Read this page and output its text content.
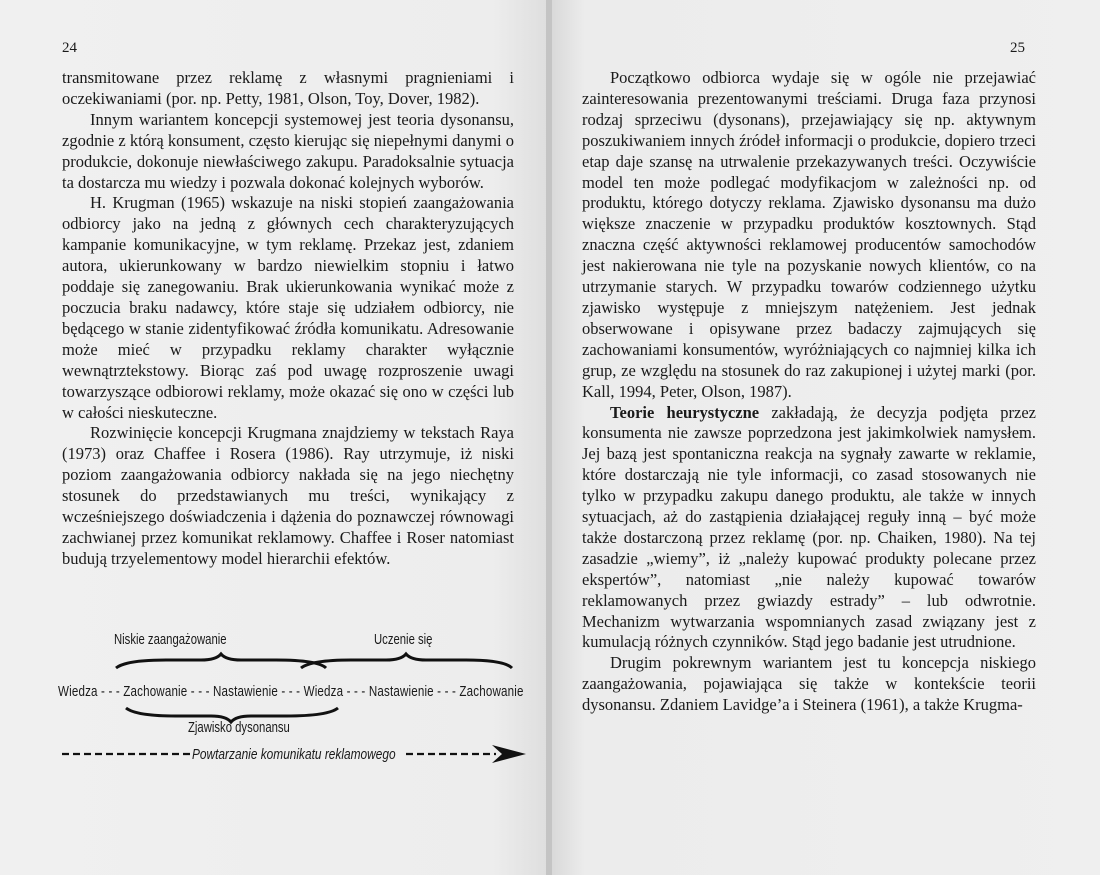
24

transmitowane przez reklamę z własnymi pragnieniami i oczekiwaniami (por. np. Petty, 1981, Olson, Toy, Dover, 1982).

Innym wariantem koncepcji systemowej jest teoria dysonansu, zgodnie z którą konsument, często kierując się niepełnymi danymi o produkcie, dokonuje niewłaściwego zakupu. Paradoksalnie sytuacja ta dostarcza mu wiedzy i pozwala dokonać kolejnych wyborów.

H. Krugman (1965) wskazuje na niski stopień zaangażowania odbiorcy jako na jedną z głównych cech charakteryzujących kampanie komunikacyjne, w tym reklamę. Przekaz jest, zdaniem autora, ukierunkowany w bardzo niewielkim stopniu i łatwo poddaje się zanegowaniu. Brak ukierunkowania wynikać może z poczucia braku nadawcy, które staje się udziałem odbiorcy, nie będącego w stanie zidentyfikować źródła komunikatu. Adresowanie może mieć w przypadku reklamy charakter wyłącznie wewnątrztekstowy. Biorąc zaś pod uwagę rozproszenie uwagi towarzyszące odbiorowi reklamy, może okazać się ono w części lub w całości nieskuteczne.

Rozwinięcie koncepcji Krugmana znajdziemy w tekstach Raya (1973) oraz Chaffee i Rosera (1986). Ray utrzymuje, iż niski poziom zaangażowania odbiorcy nakłada się na jego niechętny stosunek do przedstawianych mu treści, wynikający z wcześniejszego doświadczenia i dążenia do poznawczej równowagi zachwianej przez komunikat reklamowy. Chaffee i Roser natomiast budują trzyelementowy model hierarchii efektów.

Niskie zaangażowanie	Uczenie się
Wiedza - - - Zachowanie - - - Nastawienie - - - Wiedza - - - Nastawienie - - - Zachowanie
Zjawisko dysonansu
Powtarzanie komunikatu reklamowego
25

Początkowo odbiorca wydaje się w ogóle nie przejawiać zainteresowania prezentowanymi treściami. Druga faza przynosi rodzaj sprzeciwu (dysonans), przejawiający się np. aktywnym poszukiwaniem innych źródeł informacji o produkcie, dopiero trzeci etap daje szansę na utrwalenie przekazywanych treści. Oczywiście model ten może podlegać modyfikacjom w zależności np. od produktu, którego dotyczy reklama. Zjawisko dysonansu ma dużo większe znaczenie w przypadku produktów kosztownych. Stąd znaczna część aktywności reklamowej producentów samochodów jest nakierowana nie tyle na pozyskanie nowych klientów, co na utrzymanie starych. W przypadku towarów codziennego użytku zjawisko występuje z mniejszym natężeniem. Jest jednak obserwowane i opisywane przez badaczy zajmujących się zachowaniami konsumentów, wyróżniających co najmniej kilka ich grup, ze względu na stosunek do raz zakupionej i użytej marki (por. Kall, 1994, Peter, Olson, 1987).

Teorie heurystyczne zakładają, że decyzja podjęta przez konsumenta nie zawsze poprzedzona jest jakimkolwiek namysłem. Jej bazą jest spontaniczna reakcja na sygnały zawarte w reklamie, które dostarczają nie tyle informacji, co zasad stosowanych nie tylko w przypadku zakupu danego produktu, ale także w innych sytuacjach, aż do zastąpienia działającej reguły inną – być może także dostarczoną przez reklamę (por. np. Chaiken, 1980). Na tej zasadzie „wiemy”, iż „należy kupować produkty polecane przez ekspertów”, natomiast „nie należy kupować towarów reklamowanych przez gwiazdy estrady” – lub odwrotnie. Mechanizm wytwarzania wspomnianych zasad związany jest z kumulacją różnych czynników. Stąd jego badanie jest utrudnione.

Drugim pokrewnym wariantem jest tu koncepcja niskiego zaangażowania, pojawiająca się także w kontekście teorii dysonansu. Zdaniem Lavidge’a i Steinera (1961), a także Krugma-
